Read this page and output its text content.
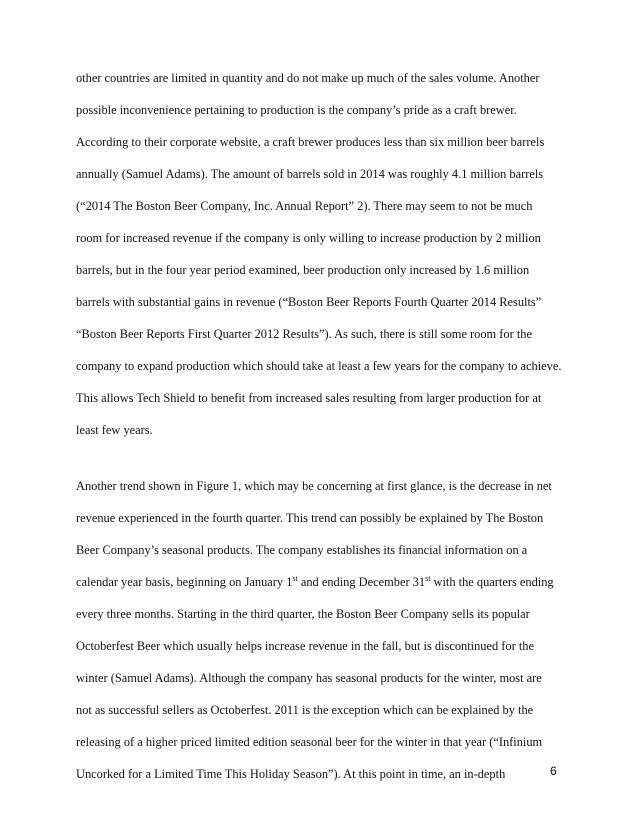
other countries are limited in quantity and do not make up much of the sales volume. Another
possible inconvenience pertaining to production is the company’s pride as a craft brewer.
According to their corporate website, a craft brewer produces less than six million beer barrels
annually (Samuel Adams). The amount of barrels sold in 2014 was roughly 4.1 million barrels
(“2014 The Boston Beer Company, Inc. Annual Report” 2). There may seem to not be much
room for increased revenue if the company is only willing to increase production by 2 million
barrels, but in the four year period examined, beer production only increased by 1.6 million
barrels with substantial gains in revenue (“Boston Beer Reports Fourth Quarter 2014 Results”
“Boston Beer Reports First Quarter 2012 Results”). As such, there is still some room for the
company to expand production which should take at least a few years for the company to achieve.
This allows Tech Shield to benefit from increased sales resulting from larger production for at
least few years.
Another trend shown in Figure 1, which may be concerning at first glance, is the decrease in net
revenue experienced in the fourth quarter. This trend can possibly be explained by The Boston
Beer Company’s seasonal products. The company establishes its financial information on a
calendar year basis, beginning on January 1st and ending December 31st with the quarters ending
every three months. Starting in the third quarter, the Boston Beer Company sells its popular
Octoberfest Beer which usually helps increase revenue in the fall, but is discontinued for the
winter (Samuel Adams). Although the company has seasonal products for the winter, most are
not as successful sellers as Octoberfest. 2011 is the exception which can be explained by the
releasing of a higher priced limited edition seasonal beer for the winter in that year (“Infinium
Uncorked for a Limited Time This Holiday Season”). At this point in time, an in-depth	6
